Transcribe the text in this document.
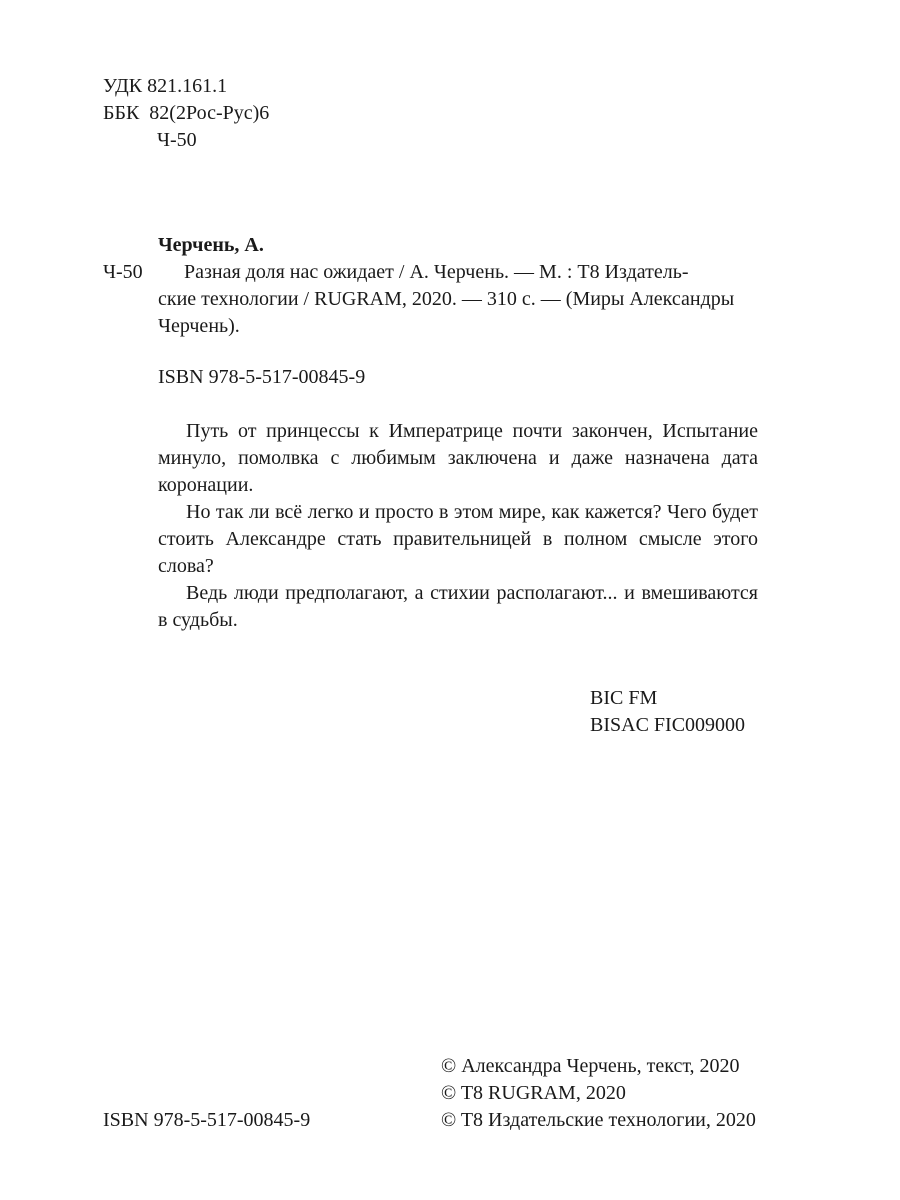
УДК 821.161.1
ББК  82(2Рос-Рус)6
Ч-50
Черчень, А.
Ч-50	Разная доля нас ожидает / А. Черчень. — М. : T8 Издатель-
ские технологии / RUGRAM, 2020. — 310 с. — (Миры Александры
Черчень).
ISBN 978-5-517-00845-9

Путь от принцессы к Императрице почти закончен, Испытание минуло, помолвка с любимым заключена и даже назначена дата коронации.

Но так ли всё легко и просто в этом мире, как кажется? Чего будет стоить Александре стать правительницей в полном смысле этого слова?

Ведь люди предполагают, а стихии располагают... и вмешиваются в судьбы.

BIC FM
BISAC FIC009000
ISBN 978-5-517-00845-9
© Александра Черчень, текст, 2020
© T8 RUGRAM, 2020
© T8 Издательские технологии, 2020
